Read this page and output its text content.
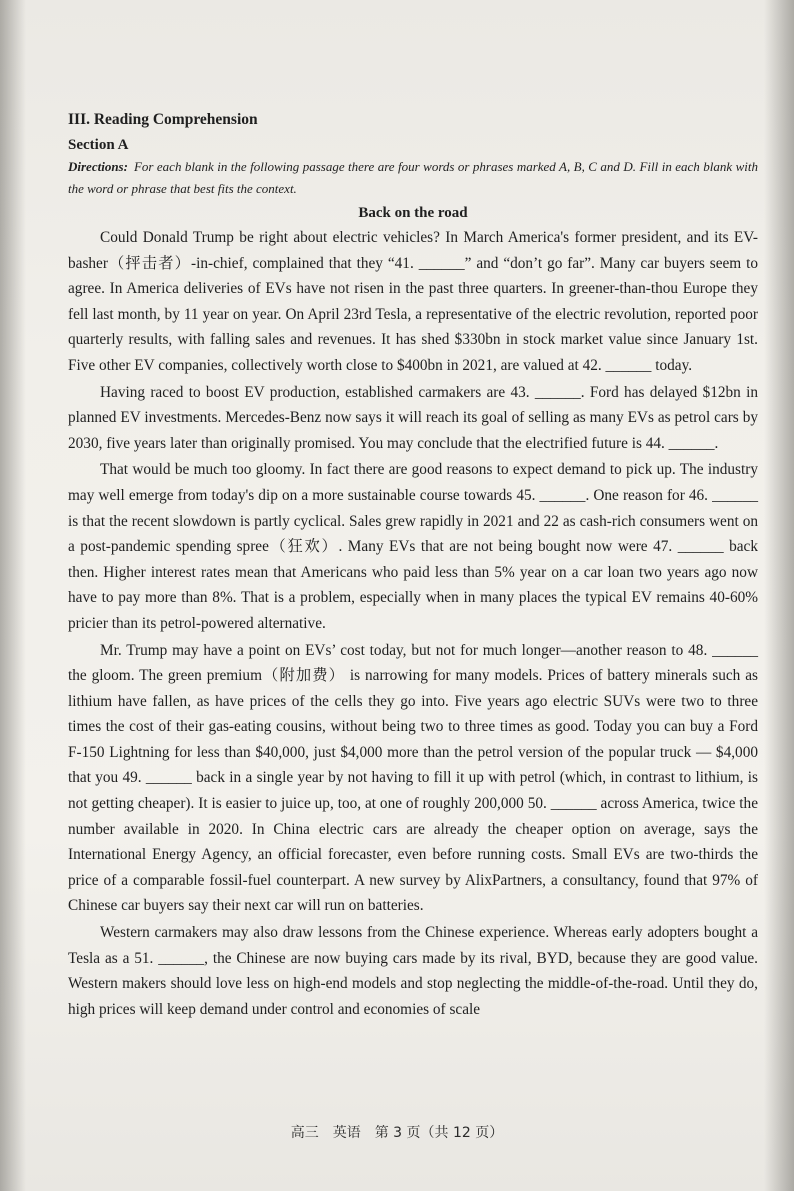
III. Reading Comprehension

Section A

Directions: For each blank in the following passage there are four words or phrases marked A, B, C and D. Fill in each blank with the word or phrase that best fits the context.

Back on the road

Could Donald Trump be right about electric vehicles? In March America's former president, and its EV-basher（抨击者）-in-chief, complained that they “41. ______” and “don’t go far”. Many car buyers seem to agree. In America deliveries of EVs have not risen in the past three quarters. In greener-than-thou Europe they fell last month, by 11 year on year. On April 23rd Tesla, a representative of the electric revolution, reported poor quarterly results, with falling sales and revenues. It has shed $330bn in stock market value since January 1st. Five other EV companies, collectively worth close to $400bn in 2021, are valued at 42. ______ today.

Having raced to boost EV production, established carmakers are 43. ______. Ford has delayed $12bn in planned EV investments. Mercedes-Benz now says it will reach its goal of selling as many EVs as petrol cars by 2030, five years later than originally promised. You may conclude that the electrified future is 44. ______.

That would be much too gloomy. In fact there are good reasons to expect demand to pick up. The industry may well emerge from today's dip on a more sustainable course towards 45. ______. One reason for 46. ______ is that the recent slowdown is partly cyclical. Sales grew rapidly in 2021 and 22 as cash-rich consumers went on a post-pandemic spending spree（狂欢）. Many EVs that are not being bought now were 47. ______ back then. Higher interest rates mean that Americans who paid less than 5% year on a car loan two years ago now have to pay more than 8%. That is a problem, especially when in many places the typical EV remains 40-60% pricier than its petrol-powered alternative.

Mr. Trump may have a point on EVs’ cost today, but not for much longer—another reason to 48. ______ the gloom. The green premium（附加费） is narrowing for many models. Prices of battery minerals such as lithium have fallen, as have prices of the cells they go into. Five years ago electric SUVs were two to three times the cost of their gas-eating cousins, without being two to three times as good. Today you can buy a Ford F-150 Lightning for less than $40,000, just $4,000 more than the petrol version of the popular truck — $4,000 that you 49. ______ back in a single year by not having to fill it up with petrol (which, in contrast to lithium, is not getting cheaper). It is easier to juice up, too, at one of roughly 200,000 50. ______ across America, twice the number available in 2020. In China electric cars are already the cheaper option on average, says the International Energy Agency, an official forecaster, even before running costs. Small EVs are two-thirds the price of a comparable fossil-fuel counterpart. A new survey by AlixPartners, a consultancy, found that 97% of Chinese car buyers say their next car will run on batteries.

Western carmakers may also draw lessons from the Chinese experience. Whereas early adopters bought a Tesla as a 51. ______, the Chinese are now buying cars made by its rival, BYD, because they are good value. Western makers should love less on high-end models and stop neglecting the middle-of-the-road. Until they do, high prices will keep demand under control and economies of scale

高三　英语　第 3 页（共 12 页）
